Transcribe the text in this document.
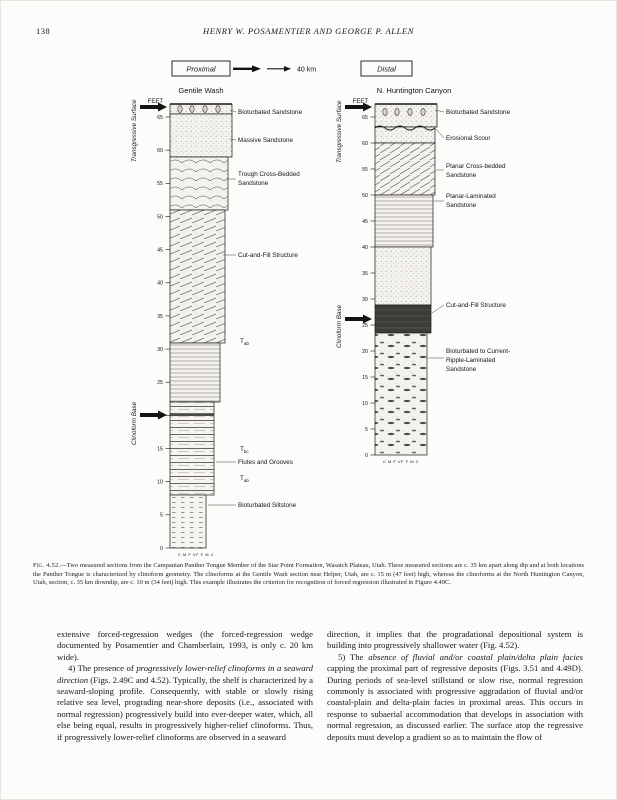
138	HENRY W. POSAMENTIER AND GEORGE P. ALLEN
Proximal	40 km	Distal
Gentile Wash
FEET
Transgressive Surface
Clinoform Base
65
60
55
50
45
40
35
30
25
20
15
10
5
0
Bioturbated Sandstone
Massive Sandstone
Trough Cross-Bedded
Sandstone
Cut-and-Fill Structure
$T_{ab}$
$T_{bc}$
Flutes and Grooves
$T_{ab}$
Bioturbated Siltstone
C M F VF F M C
N. Huntington Canyon
FEET
Transgressive Surface
Clinoform Base
65
60
55
50
45
40
35
30
25
20
15
10
5
0
Bioturbated Sandstone
Erosional Scour
Planar Cross-bedded
Sandstone
Planar-Laminated
Sandstone
Cut-and-Fill Structure
Bioturbated to Current-
Ripple-Laminated
Sandstone
C M F VF F M C
Fig. 4.52.—Two measured sections from the Campanian Panther Tongue Member of the Star Point Formation, Wasatch Plateau, Utah. These measured sections are c. 35 km apart along dip and at both locations the Panther Tongue is characterized by clinoform geometry. The clinoforms at the Gentile Wash section near Helper, Utah, are c. 15 m (47 feet) high, whereas the clinoforms at the North Huntington Canyon, Utah, section, c. 35 km downdip, are c. 10 m (34 feet) high. This example illustrates the criterion for recognition of forced regression illustrated in Figure 4.49C.

extensive forced-regression wedges (the forced-regression wedge documented by Posamentier and Chamberlain, 1993, is only c. 20 km wide).

4) The presence of progressively lower-relief clinoforms in a seaward direction (Figs. 2.49C and 4.52). Typically, the shelf is characterized by a seaward-sloping profile. Consequently, with stable or slowly rising relative sea level, prograding near-shore deposits (i.e., associated with normal regression) progressively build into ever-deeper water, which, all else being equal, results in progressively higher-relief clinoforms. Thus, if progressively lower-relief clinoforms are observed in a seaward

direction, it implies that the progradational depositional system is building into progressively shallower water (Fig. 4.52).

5) The absence of fluvial and/or coastal plain/delta plain facies capping the proximal part of regressive deposits (Figs. 3.51 and 4.49D). During periods of sea-level stillstand or slow rise, normal regression commonly is associated with progressive aggradation of fluvial and/or coastal-plain and delta-plain facies in proximal areas. This occurs in response to subaerial accommodation that develops in association with normal regression, as discussed earlier. The surface atop the regressive deposits must develop a gradient so as to maintain the flow of
